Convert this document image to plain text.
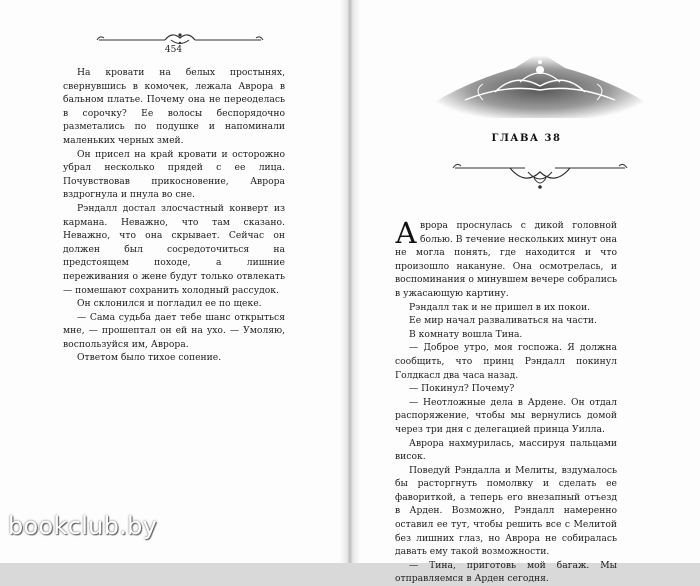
454

На кровати на белых простынях, свернувшись в комочек, лежала Аврора в бальном платье. Почему она не переоделась в сорочку? Ее волосы беспорядочно разметались по подушке и напоминали маленьких черных змей.

Он присел на край кровати и осторожно убрал несколько прядей с ее лица. Почувствовав прикосновение, Аврора вздрогнула и пнула во сне.

Рэндалл достал злосчастный конверт из кармана. Неважно, что там сказано. Неважно, что она скрывает. Сейчас он должен был сосредоточиться на предстоящем походе, а лишние переживания о жене будут только отвлекать — помешают сохранить холодный рассудок.

Он склонился и погладил ее по щеке.

— Сама судьба дает тебе шанс открыться мне, — прошептал он ей на ухо. — Умоляю, воспользуйся им, Аврора.

Ответом было тихое сопение.

ГЛАВА 38

Аврора проснулась с дикой головной болью. В течение нескольких минут она не могла понять, где находится и что произошло накануне. Она осмотрелась, и воспоминания о минувшем вечере собрались в ужасающую картину.

Рэндалл так и не пришел в их покои.

Ее мир начал разваливаться на части.

В комнату вошла Тина.

— Доброе утро, моя госпожа. Я должна сообщить, что принц Рэндалл покинул Голдкасл два часа назад.

— Покинул? Почему?

— Неотложные дела в Ардене. Он отдал распоряжение, чтобы мы вернулись домой через три дня с делегацией принца Уилла.

Аврора нахмурилась, массируя пальцами висок.

Поведуй Рэндалла и Мелиты, вздумалось бы расторгнуть помолвку и сделать ее фавориткой, а теперь его внезапный отъезд в Арден. Возможно, Рэндалл намеренно оставил ее тут, чтобы решить все с Мелитой без лишних глаз, но Аврора не собиралась давать ему такой возможности.

— Тина, приготовь мой багаж. Мы отправляемся в Арден сегодня.

bookclub.by
